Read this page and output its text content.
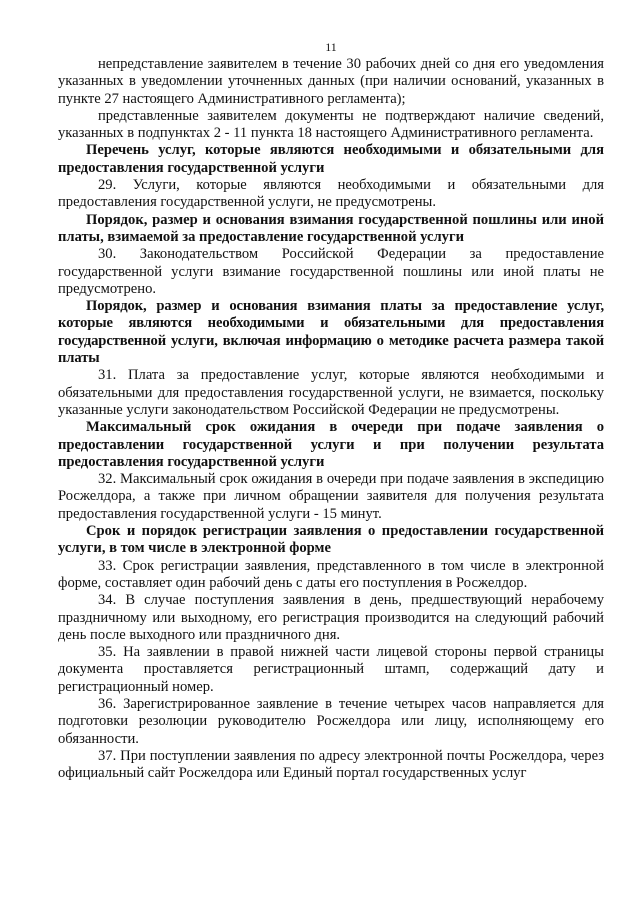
11

непредставление заявителем в течение 30 рабочих дней со дня его уведомления указанных в уведомлении уточненных данных (при наличии оснований, указанных в пункте 27 настоящего Административного регламента);

представленные заявителем документы не подтверждают наличие сведений, указанных в подпунктах 2 - 11 пункта 18 настоящего Административного регламента.

Перечень услуг, которые являются необходимыми и обязательными для предоставления государственной услуги

29. Услуги, которые являются необходимыми и обязательными для предоставления государственной услуги, не предусмотрены.

Порядок, размер и основания взимания государственной пошлины или иной платы, взимаемой за предоставление государственной услуги

30. Законодательством Российской Федерации за предоставление государственной услуги взимание государственной пошлины или иной платы не предусмотрено.

Порядок, размер и основания взимания платы за предоставление услуг, которые являются необходимыми и обязательными для предоставления государственной услуги, включая информацию о методике расчета размера такой платы

31. Плата за предоставление услуг, которые являются необходимыми и обязательными для предоставления государственной услуги, не взимается, поскольку указанные услуги законодательством Российской Федерации не предусмотрены.

Максимальный срок ожидания в очереди при подаче заявления о предоставлении государственной услуги и при получении результата предоставления государственной услуги

32. Максимальный срок ожидания в очереди при подаче заявления в экспедицию Росжелдора, а также при личном обращении заявителя для получения результата предоставления государственной услуги - 15 минут.

Срок и порядок регистрации заявления о предоставлении государственной услуги, в том числе в электронной форме

33. Срок регистрации заявления, представленного в том числе в электронной форме, составляет один рабочий день с даты его поступления в Росжелдор.

34. В случае поступления заявления в день, предшествующий нерабочему праздничному или выходному, его регистрация производится на следующий рабочий день после выходного или праздничного дня.

35. На заявлении в правой нижней части лицевой стороны первой страницы документа проставляется регистрационный штамп, содержащий дату и регистрационный номер.

36. Зарегистрированное заявление в течение четырех часов направляется для подготовки резолюции руководителю Росжелдора или лицу, исполняющему его обязанности.

37. При поступлении заявления по адресу электронной почты Росжелдора, через официальный сайт Росжелдора или Единый портал государственных услуг
